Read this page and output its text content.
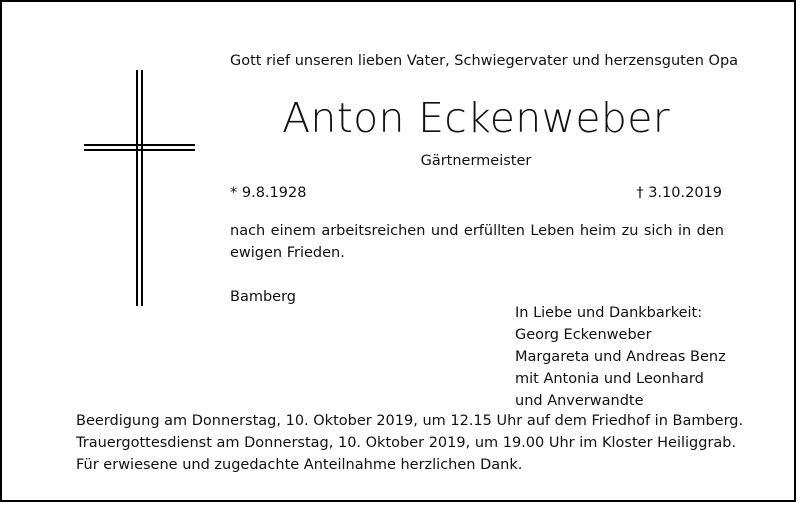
Gott rief unseren lieben Vater, Schwiegervater und herzensguten Opa
Anton Eckenweber
Gärtnermeister
* 9.8.1928	† 3.10.2019
nach einem arbeitsreichen und erfüllten Leben heim zu sich in den ewigen Frieden.
Bamberg
In Liebe und Dankbarkeit:
Georg Eckenweber
Margareta und Andreas Benz
mit Antonia und Leonhard
und Anverwandte
Beerdigung am Donnerstag, 10. Oktober 2019, um 12.15 Uhr auf dem Friedhof in Bamberg.
Trauergottesdienst am Donnerstag, 10. Oktober 2019, um 19.00 Uhr im Kloster Heiliggrab.
Für erwiesene und zugedachte Anteilnahme herzlichen Dank.
